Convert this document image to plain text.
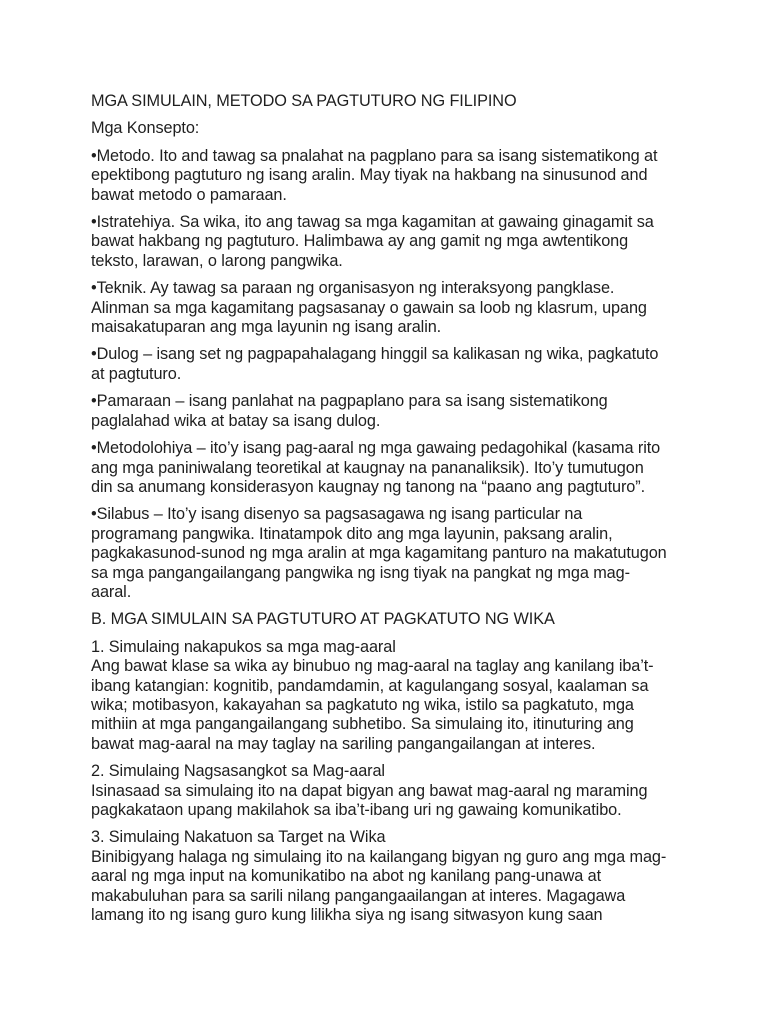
MGA SIMULAIN, METODO SA PAGTUTURO NG FILIPINO
Mga Konsepto:
•Metodo. Ito and tawag sa pnalahat na pagplano para sa isang sistematikong at
epektibong pagtuturo ng isang aralin. May tiyak na hakbang na sinusunod and
bawat metodo o pamaraan.
•Istratehiya. Sa wika, ito ang tawag sa mga kagamitan at gawaing ginagamit sa
bawat hakbang ng pagtuturo. Halimbawa ay ang gamit ng mga awtentikong
teksto, larawan, o larong pangwika.
•Teknik. Ay tawag sa paraan ng organisasyon ng interaksyong pangklase.
Alinman sa mga kagamitang pagsasanay o gawain sa loob ng klasrum, upang
maisakatuparan ang mga layunin ng isang aralin.
•Dulog – isang set ng pagpapahalagang hinggil sa kalikasan ng wika, pagkatuto
at pagtuturo.
•Pamaraan – isang panlahat na pagpaplano para sa isang sistematikong
paglalahad wika at batay sa isang dulog.
•Metodolohiya – ito’y isang pag-aaral ng mga gawaing pedagohikal (kasama rito
ang mga paniniwalang teoretikal at kaugnay na pananaliksik). Ito’y tumutugon
din sa anumang konsiderasyon kaugnay ng tanong na “paano ang pagtuturo”.
•Silabus – Ito’y isang disenyo sa pagsasagawa ng isang particular na
programang pangwika. Itinatampok dito ang mga layunin, paksang aralin,
pagkakasunod-sunod ng mga aralin at mga kagamitang panturo na makatutugon
sa mga pangangailangang pangwika ng isng tiyak na pangkat ng mga mag-
aaral.
B. MGA SIMULAIN SA PAGTUTURO AT PAGKATUTO NG WIKA
1. Simulaing nakapukos sa mga mag-aaral
Ang bawat klase sa wika ay binubuo ng mag-aaral na taglay ang kanilang iba’t-
ibang katangian: kognitib, pandamdamin, at kagulangang sosyal, kaalaman sa
wika; motibasyon, kakayahan sa pagkatuto ng wika, istilo sa pagkatuto, mga
mithiin at mga pangangailangang subhetibo. Sa simulaing ito, itinuturing ang
bawat mag-aaral na may taglay na sariling pangangailangan at interes.
2. Simulaing Nagsasangkot sa Mag-aaral
Isinasaad sa simulaing ito na dapat bigyan ang bawat mag-aaral ng maraming
pagkakataon upang makilahok sa iba’t-ibang uri ng gawaing komunikatibo.
3. Simulaing Nakatuon sa Target na Wika
Binibigyang halaga ng simulaing ito na kailangang bigyan ng guro ang mga mag-
aaral ng mga input na komunikatibo na abot ng kanilang pang-unawa at
makabuluhan para sa sarili nilang pangangaailangan at interes. Magagawa
lamang ito ng isang guro kung lilikha siya ng isang sitwasyon kung saan
